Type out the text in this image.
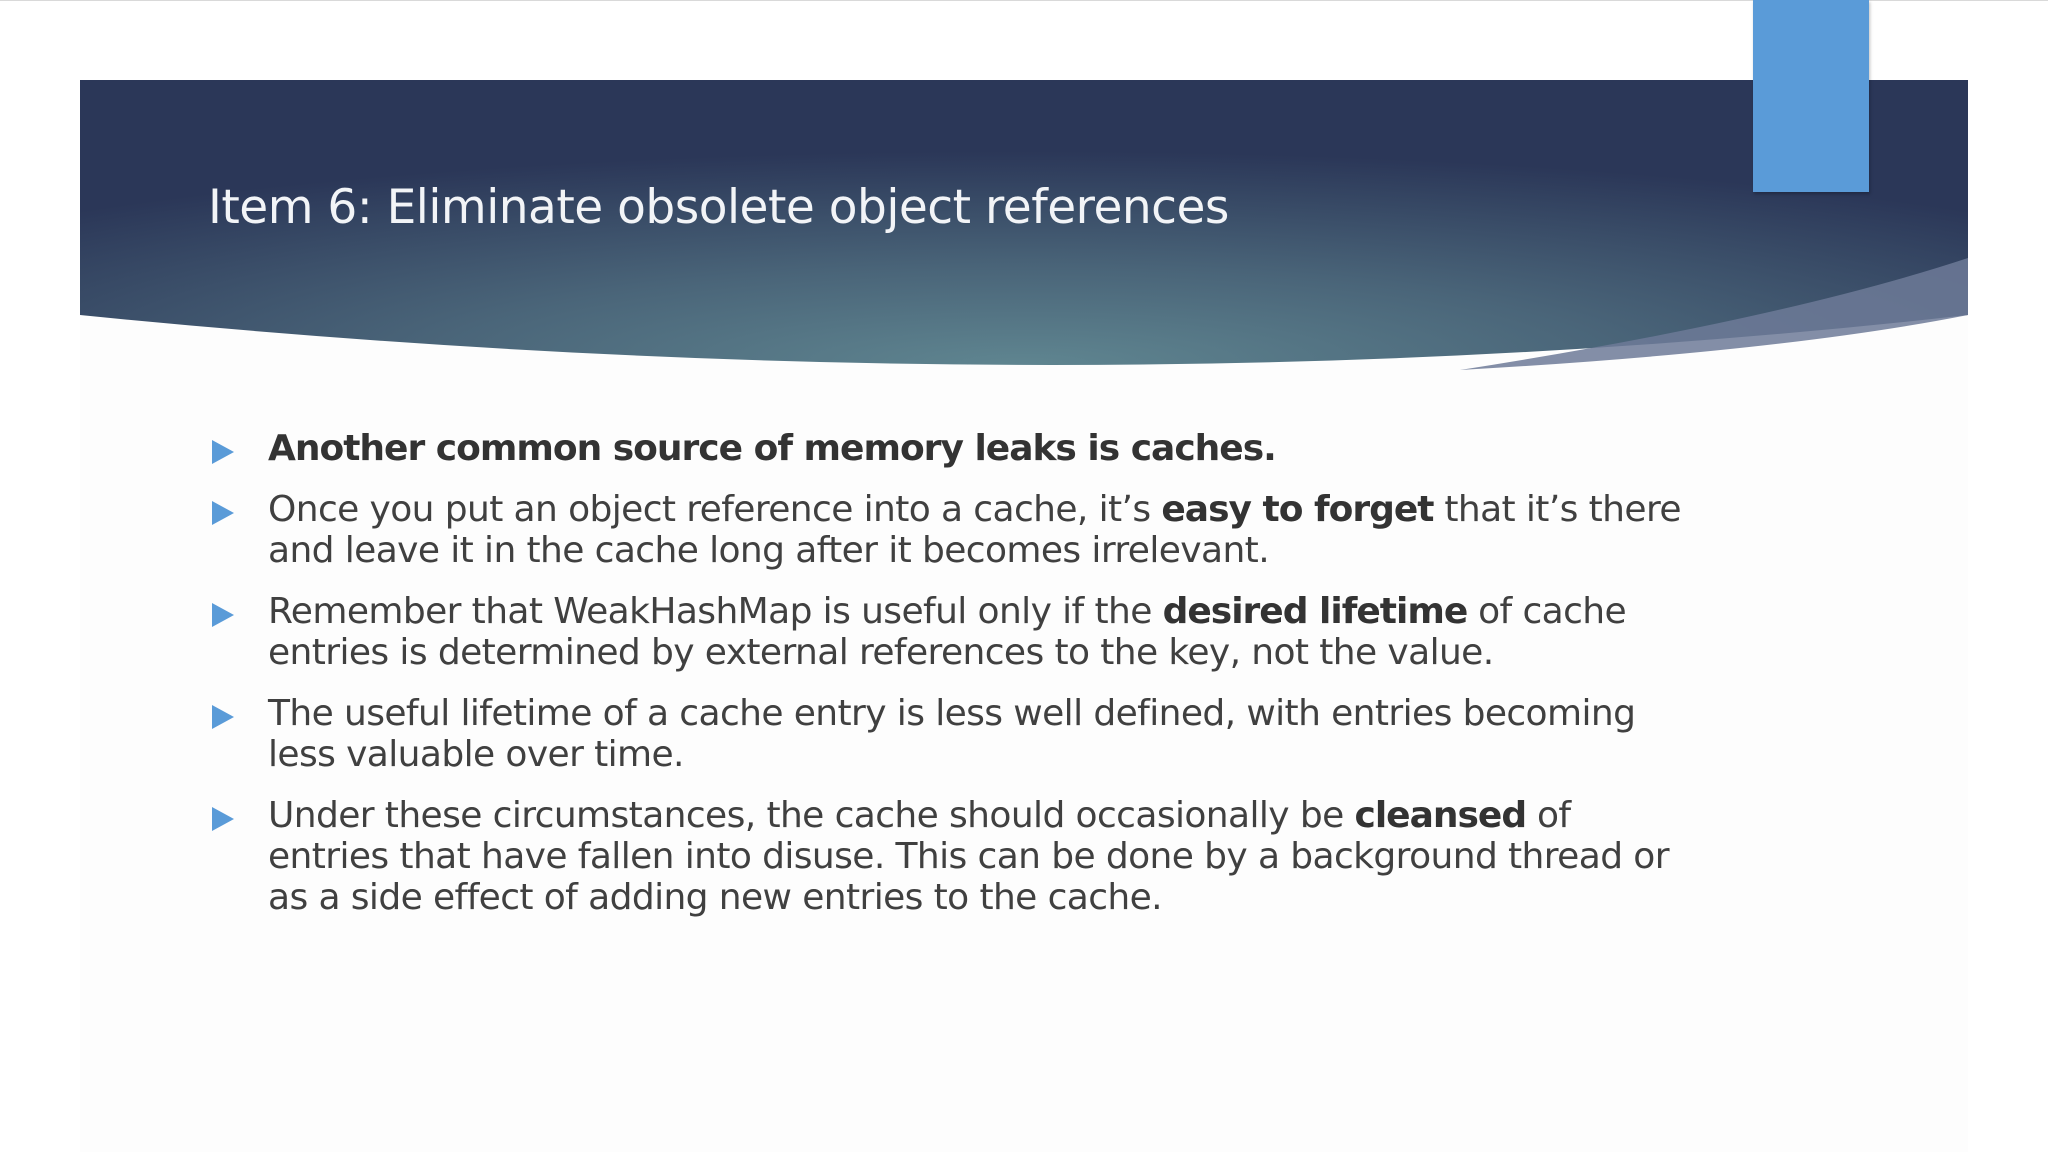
Item 6: Eliminate obsolete object references
Another common source of memory leaks is caches.
Once you put an object reference into a cache, it’s easy to forget that it’s there and leave it in the cache long after it becomes irrelevant.
Remember that WeakHashMap is useful only if the desired lifetime of cache entries is determined by external references to the key, not the value.
The useful lifetime of a cache entry is less well defined, with entries becoming less valuable over time.
Under these circumstances, the cache should occasionally be cleansed of entries that have fallen into disuse. This can be done by a background thread or as a side effect of adding new entries to the cache.
